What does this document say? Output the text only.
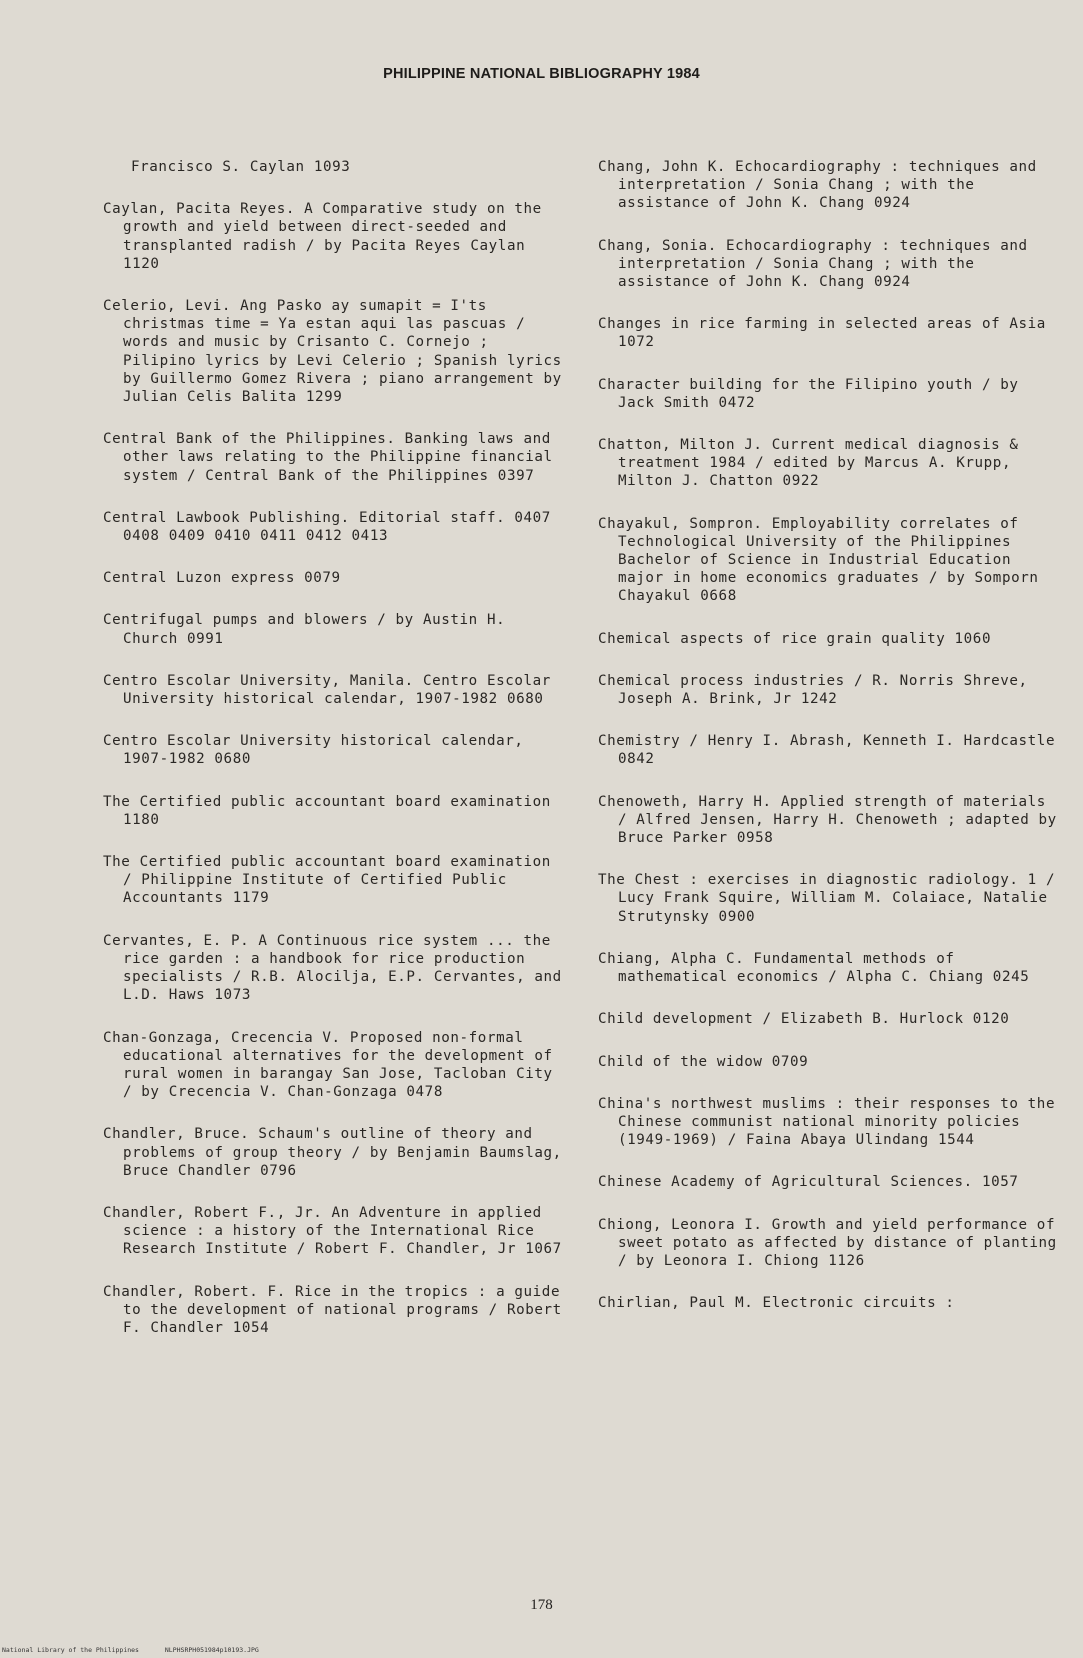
PHILIPPINE NATIONAL BIBLIOGRAPHY 1984

Francisco S. Caylan 1093

Caylan, Pacita Reyes. A Comparative study on the growth and yield between direct-seeded and transplanted radish / by Pacita Reyes Caylan 1120

Celerio, Levi. Ang Pasko ay sumapit = I'ts christmas time = Ya estan aqui las pascuas / words and music by Crisanto C. Cornejo ; Pilipino lyrics by Levi Celerio ; Spanish lyrics by Guillermo Gomez Rivera ; piano arrangement by Julian Celis Balita 1299

Central Bank of the Philippines. Banking laws and other laws relating to the Philippine financial system / Central Bank of the Philippines 0397

Central Lawbook Publishing. Editorial staff. 0407 0408 0409 0410 0411 0412 0413

Central Luzon express 0079

Centrifugal pumps and blowers / by Austin H. Church 0991

Centro Escolar University, Manila. Centro Escolar University historical calendar, 1907-1982 0680

Centro Escolar University historical calendar, 1907-1982 0680

The Certified public accountant board examination 1180

The Certified public accountant board examination / Philippine Institute of Certified Public Accountants 1179

Cervantes, E. P. A Continuous rice system ... the rice garden : a handbook for rice production specialists / R.B. Alocilja, E.P. Cervantes, and L.D. Haws 1073

Chan-Gonzaga, Crecencia V. Proposed non-formal educational alternatives for the development of rural women in barangay San Jose, Tacloban City / by Crecencia V. Chan-Gonzaga 0478

Chandler, Bruce. Schaum's outline of theory and problems of group theory / by Benjamin Baumslag, Bruce Chandler 0796

Chandler, Robert F., Jr. An Adventure in applied science : a history of the International Rice Research Institute / Robert F. Chandler, Jr 1067

Chandler, Robert. F. Rice in the tropics : a guide to the development of national programs / Robert F. Chandler 1054

Chang, John K. Echocardiography : techniques and interpretation / Sonia Chang ; with the assistance of John K. Chang 0924

Chang, Sonia. Echocardiography : techniques and interpretation / Sonia Chang ; with the assistance of John K. Chang 0924

Changes in rice farming in selected areas of Asia 1072

Character building for the Filipino youth / by Jack Smith 0472

Chatton, Milton J. Current medical diagnosis & treatment 1984 / edited by Marcus A. Krupp, Milton J. Chatton 0922

Chayakul, Sompron. Employability correlates of Technological University of the Philippines Bachelor of Science in Industrial Education major in home economics graduates / by Somporn Chayakul 0668

Chemical aspects of rice grain quality 1060

Chemical process industries / R. Norris Shreve, Joseph A. Brink, Jr 1242

Chemistry / Henry I. Abrash, Kenneth I. Hardcastle 0842

Chenoweth, Harry H. Applied strength of materials / Alfred Jensen, Harry H. Chenoweth ; adapted by Bruce Parker 0958

The Chest : exercises in diagnostic radiology. 1 / Lucy Frank Squire, William M. Colaiace, Natalie Strutynsky 0900

Chiang, Alpha C. Fundamental methods of mathematical economics / Alpha C. Chiang 0245

Child development / Elizabeth B. Hurlock 0120

Child of the widow 0709

China's northwest muslims : their responses to the Chinese communist national minority policies (1949-1969) / Faina Abaya Ulindang 1544

Chinese Academy of Agricultural Sciences. 1057

Chiong, Leonora I. Growth and yield performance of sweet potato as affected by distance of planting / by Leonora I. Chiong 1126

Chirlian, Paul M. Electronic circuits :

178
National Library of the Philippines	NLPHSRPH051984p10193.JPG
